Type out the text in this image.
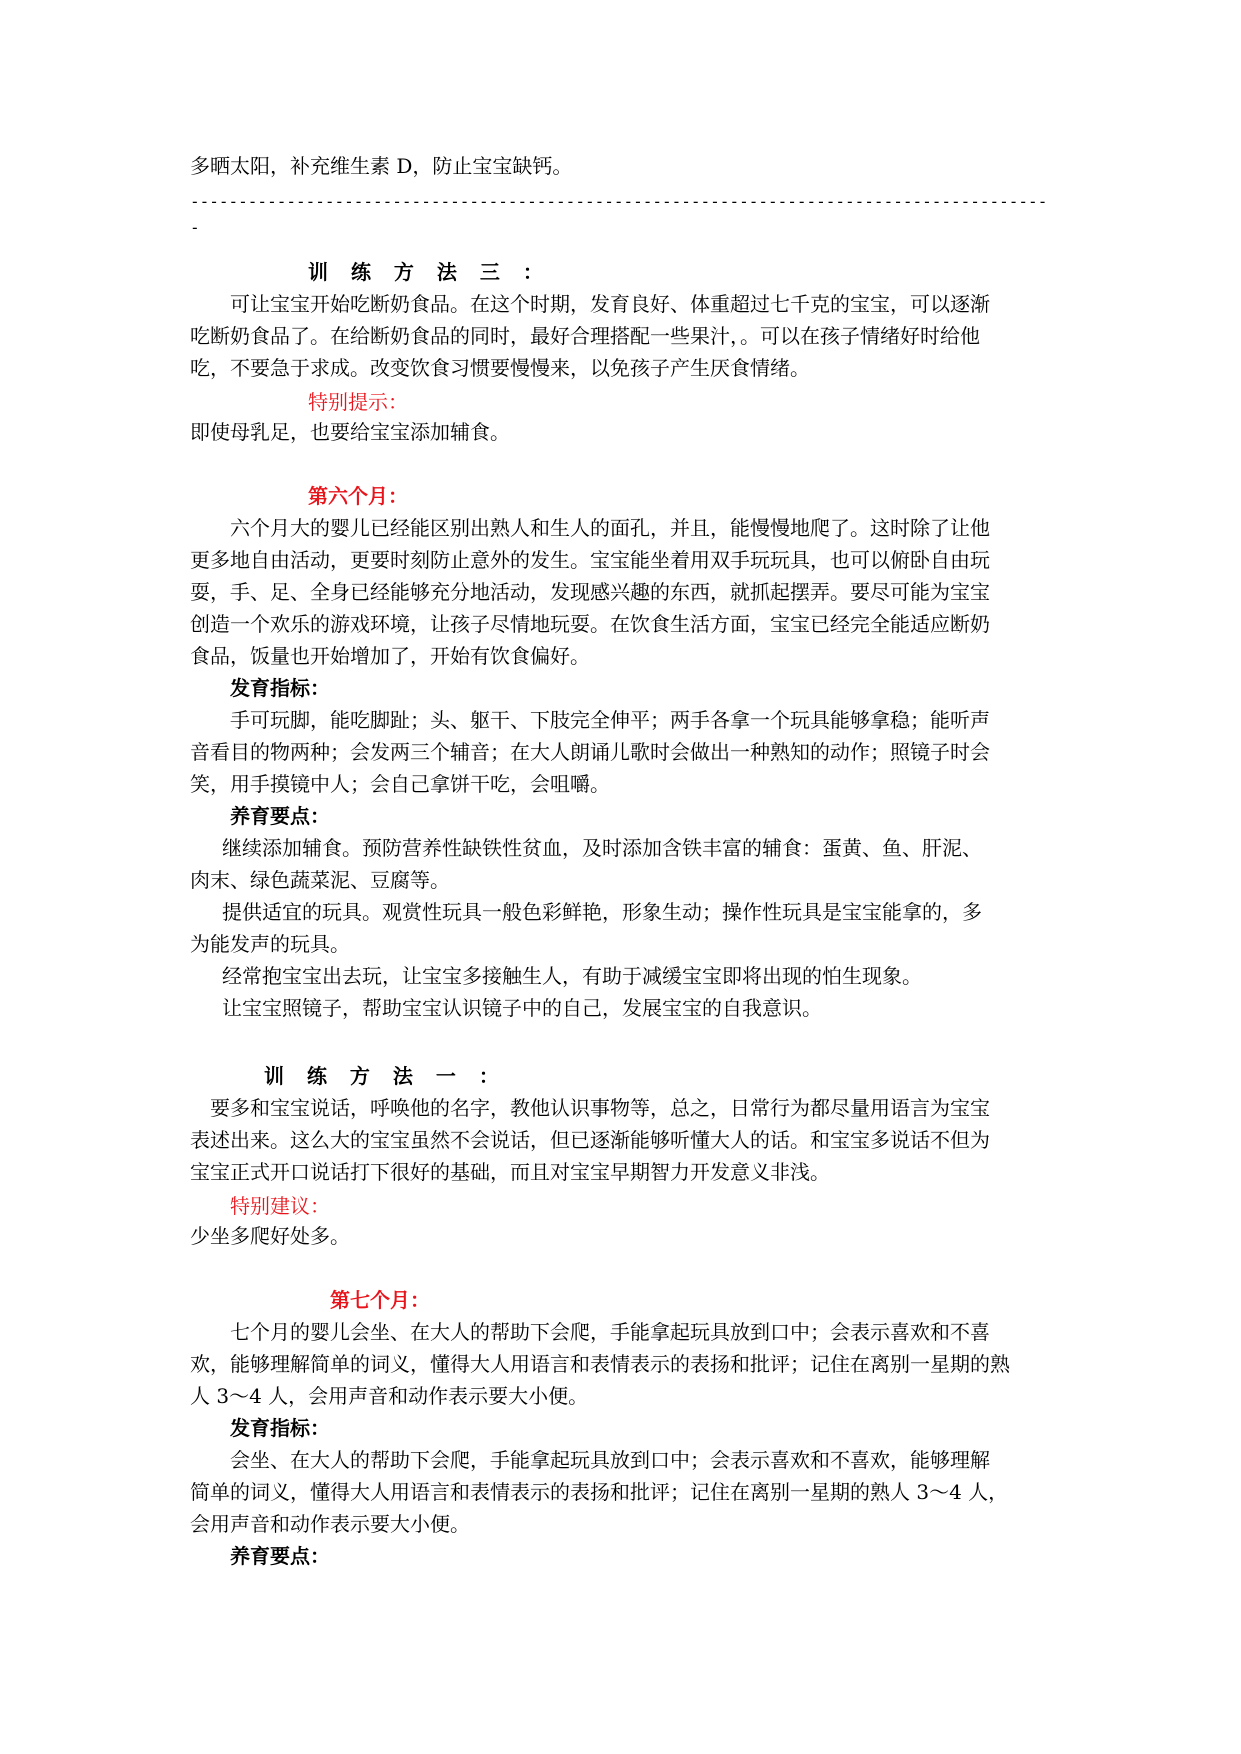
多晒太阳，补充维生素 D，防止宝宝缺钙。
-----------------------------------------------------------------------------------------
-
训 练 方 法 三 ：
可让宝宝开始吃断奶食品。在这个时期，发育良好、体重超过七千克的宝宝，可以逐渐
吃断奶食品了。在给断奶食品的同时，最好合理搭配一些果汁，。可以在孩子情绪好时给他
吃，不要急于求成。改变饮食习惯要慢慢来，以免孩子产生厌食情绪。
特别提示：
即使母乳足，也要给宝宝添加辅食。
第六个月：
六个月大的婴儿已经能区别出熟人和生人的面孔，并且，能慢慢地爬了。这时除了让他
更多地自由活动，更要时刻防止意外的发生。宝宝能坐着用双手玩玩具，也可以俯卧自由玩
耍，手、足、全身已经能够充分地活动，发现感兴趣的东西，就抓起摆弄。要尽可能为宝宝
创造一个欢乐的游戏环境，让孩子尽情地玩耍。在饮食生活方面，宝宝已经完全能适应断奶
食品，饭量也开始增加了，开始有饮食偏好。
发育指标：
手可玩脚，能吃脚趾；头、躯干、下肢完全伸平；两手各拿一个玩具能够拿稳；能听声
音看目的物两种；会发两三个辅音；在大人朗诵儿歌时会做出一种熟知的动作；照镜子时会
笑，用手摸镜中人；会自己拿饼干吃，会咀嚼。
养育要点：
继续添加辅食。预防营养性缺铁性贫血，及时添加含铁丰富的辅食：蛋黄、鱼、肝泥、
肉末、绿色蔬菜泥、豆腐等。
提供适宜的玩具。观赏性玩具一般色彩鲜艳，形象生动；操作性玩具是宝宝能拿的，多
为能发声的玩具。
经常抱宝宝出去玩，让宝宝多接触生人，有助于减缓宝宝即将出现的怕生现象。
让宝宝照镜子，帮助宝宝认识镜子中的自己，发展宝宝的自我意识。
训 练 方 法 一 ：
要多和宝宝说话，呼唤他的名字，教他认识事物等，总之，日常行为都尽量用语言为宝宝
表述出来。这么大的宝宝虽然不会说话，但已逐渐能够听懂大人的话。和宝宝多说话不但为
宝宝正式开口说话打下很好的基础，而且对宝宝早期智力开发意义非浅。
特别建议：
少坐多爬好处多。
第七个月：
七个月的婴儿会坐、在大人的帮助下会爬，手能拿起玩具放到口中；会表示喜欢和不喜
欢，能够理解简单的词义，懂得大人用语言和表情表示的表扬和批评；记住在离别一星期的熟
人 3～4 人，会用声音和动作表示要大小便。
发育指标：
会坐、在大人的帮助下会爬，手能拿起玩具放到口中；会表示喜欢和不喜欢，能够理解
简单的词义，懂得大人用语言和表情表示的表扬和批评；记住在离别一星期的熟人 3～4 人，
会用声音和动作表示要大小便。
养育要点：
